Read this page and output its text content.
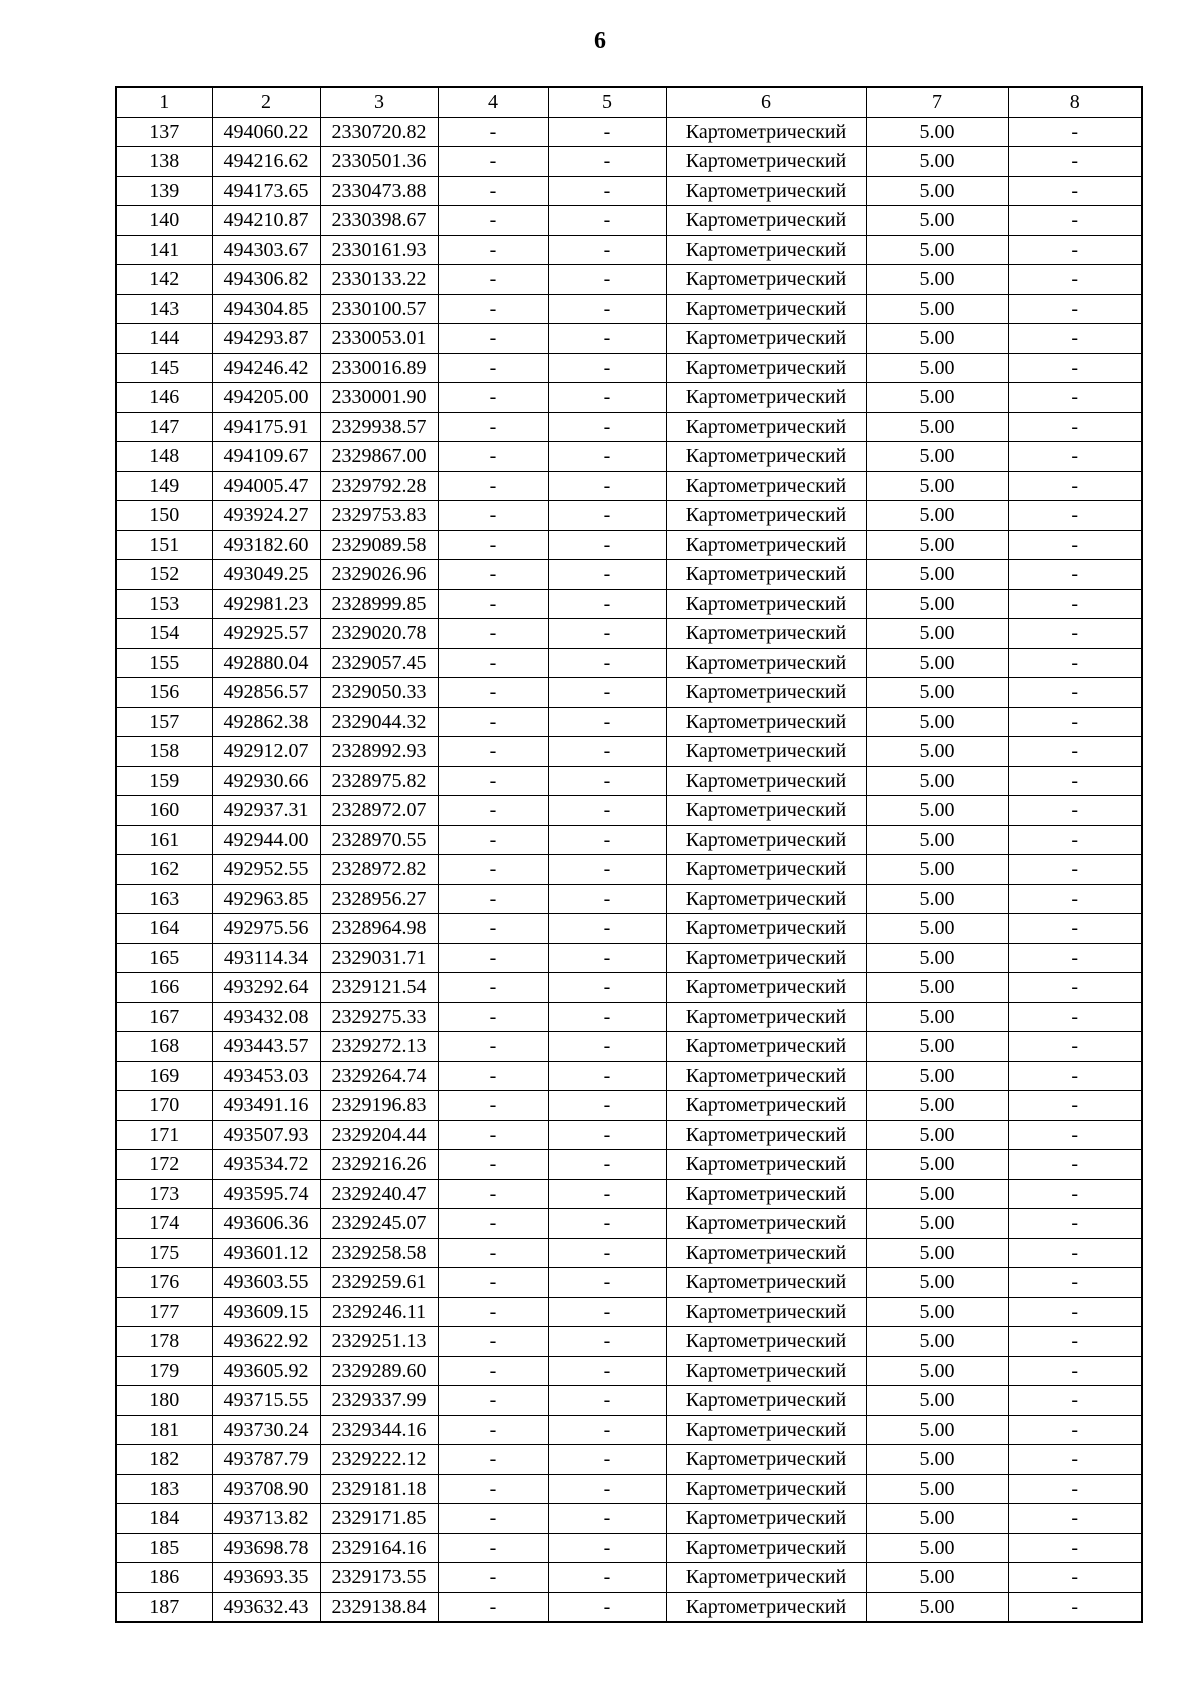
6
1	2	3	4	5	6	7	8
137	494060.22	2330720.82	-	-	Картометрический	5.00	-
138	494216.62	2330501.36	-	-	Картометрический	5.00	-
139	494173.65	2330473.88	-	-	Картометрический	5.00	-
140	494210.87	2330398.67	-	-	Картометрический	5.00	-
141	494303.67	2330161.93	-	-	Картометрический	5.00	-
142	494306.82	2330133.22	-	-	Картометрический	5.00	-
143	494304.85	2330100.57	-	-	Картометрический	5.00	-
144	494293.87	2330053.01	-	-	Картометрический	5.00	-
145	494246.42	2330016.89	-	-	Картометрический	5.00	-
146	494205.00	2330001.90	-	-	Картометрический	5.00	-
147	494175.91	2329938.57	-	-	Картометрический	5.00	-
148	494109.67	2329867.00	-	-	Картометрический	5.00	-
149	494005.47	2329792.28	-	-	Картометрический	5.00	-
150	493924.27	2329753.83	-	-	Картометрический	5.00	-
151	493182.60	2329089.58	-	-	Картометрический	5.00	-
152	493049.25	2329026.96	-	-	Картометрический	5.00	-
153	492981.23	2328999.85	-	-	Картометрический	5.00	-
154	492925.57	2329020.78	-	-	Картометрический	5.00	-
155	492880.04	2329057.45	-	-	Картометрический	5.00	-
156	492856.57	2329050.33	-	-	Картометрический	5.00	-
157	492862.38	2329044.32	-	-	Картометрический	5.00	-
158	492912.07	2328992.93	-	-	Картометрический	5.00	-
159	492930.66	2328975.82	-	-	Картометрический	5.00	-
160	492937.31	2328972.07	-	-	Картометрический	5.00	-
161	492944.00	2328970.55	-	-	Картометрический	5.00	-
162	492952.55	2328972.82	-	-	Картометрический	5.00	-
163	492963.85	2328956.27	-	-	Картометрический	5.00	-
164	492975.56	2328964.98	-	-	Картометрический	5.00	-
165	493114.34	2329031.71	-	-	Картометрический	5.00	-
166	493292.64	2329121.54	-	-	Картометрический	5.00	-
167	493432.08	2329275.33	-	-	Картометрический	5.00	-
168	493443.57	2329272.13	-	-	Картометрический	5.00	-
169	493453.03	2329264.74	-	-	Картометрический	5.00	-
170	493491.16	2329196.83	-	-	Картометрический	5.00	-
171	493507.93	2329204.44	-	-	Картометрический	5.00	-
172	493534.72	2329216.26	-	-	Картометрический	5.00	-
173	493595.74	2329240.47	-	-	Картометрический	5.00	-
174	493606.36	2329245.07	-	-	Картометрический	5.00	-
175	493601.12	2329258.58	-	-	Картометрический	5.00	-
176	493603.55	2329259.61	-	-	Картометрический	5.00	-
177	493609.15	2329246.11	-	-	Картометрический	5.00	-
178	493622.92	2329251.13	-	-	Картометрический	5.00	-
179	493605.92	2329289.60	-	-	Картометрический	5.00	-
180	493715.55	2329337.99	-	-	Картометрический	5.00	-
181	493730.24	2329344.16	-	-	Картометрический	5.00	-
182	493787.79	2329222.12	-	-	Картометрический	5.00	-
183	493708.90	2329181.18	-	-	Картометрический	5.00	-
184	493713.82	2329171.85	-	-	Картометрический	5.00	-
185	493698.78	2329164.16	-	-	Картометрический	5.00	-
186	493693.35	2329173.55	-	-	Картометрический	5.00	-
187	493632.43	2329138.84	-	-	Картометрический	5.00	-
